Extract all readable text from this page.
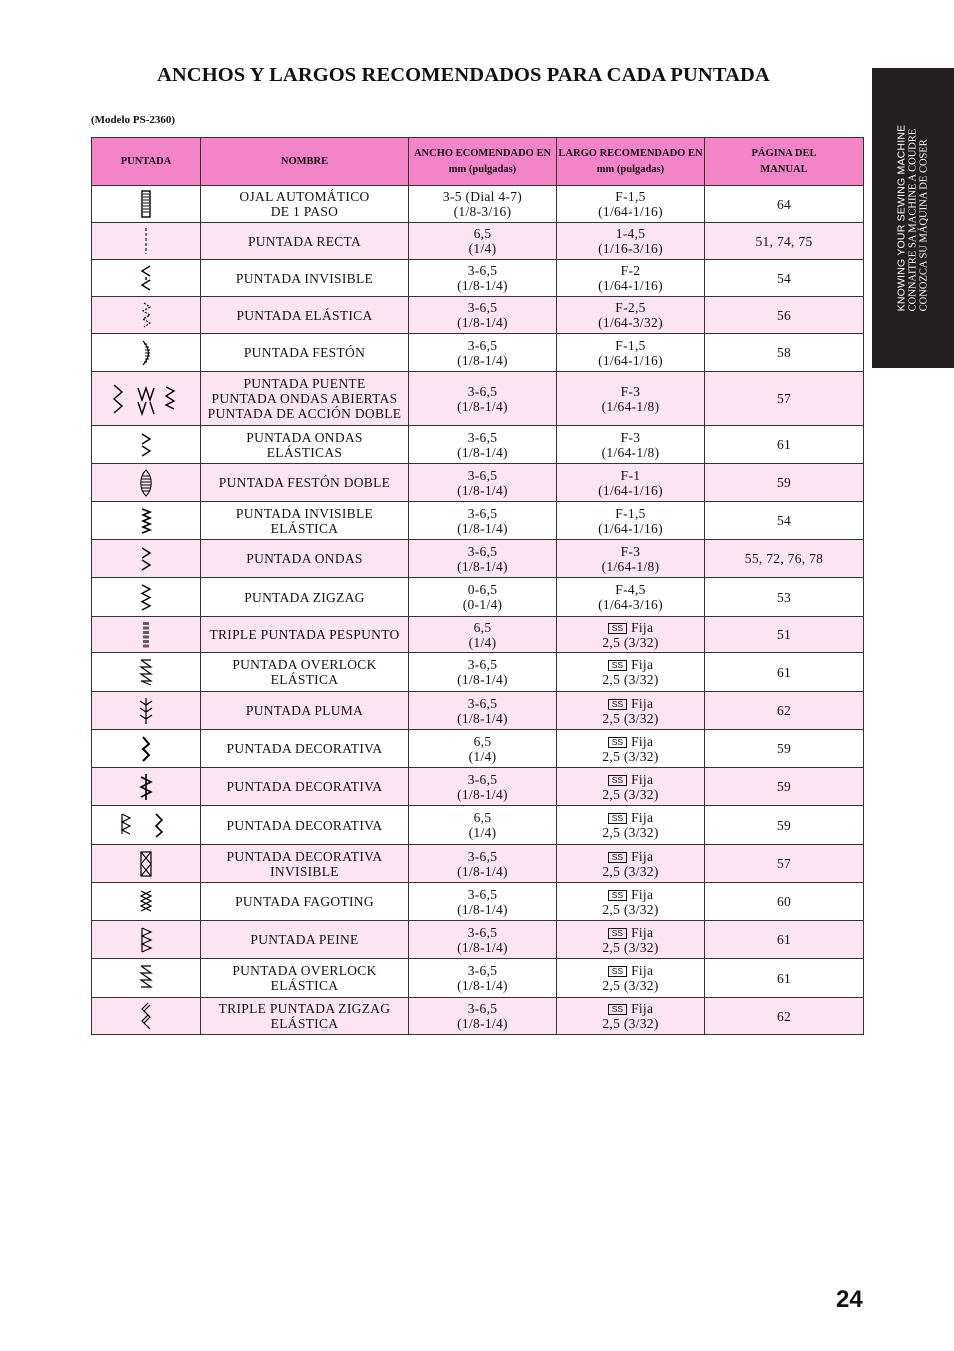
ANCHOS Y LARGOS RECOMENDADOS PARA CADA PUNTADA
(Modelo PS-2360)
KNOWING YOUR SEWING MACHINE CONNAITRE SA MACHINE A COUDRE CONOZCA SU MÁQUINA DE COSER
PUNTADA	NOMBRE	ANCHO ECOMENDADO EN
mm (pulgadas)	LARGO RECOMENDADO EN
mm (pulgadas)	PÁGINA DEL
MANUAL

	OJAL AUTOMÁTICO
DE 1 PASO	3-5 (Dial 4-7)
(1/8-3/16)	F-1,5
(1/64-1/16)	64

	PUNTADA RECTA	6,5
(1/4)	1-4,5
(1/16-3/16)	51, 74, 75

	PUNTADA INVISIBLE	3-6,5
(1/8-1/4)	F-2
(1/64-1/16)	54

	PUNTADA ELÁSTICA	3-6,5
(1/8-1/4)	F-2,5
(1/64-3/32)	56

	PUNTADA FESTÓN	3-6,5
(1/8-1/4)	F-1,5
(1/64-1/16)	58

	PUNTADA PUENTE
PUNTADA ONDAS ABIERTAS
PUNTADA DE ACCIÓN DOBLE	3-6,5
(1/8-1/4)	F-3
(1/64-1/8)	57

	PUNTADA ONDAS
ELÁSTICAS	3-6,5
(1/8-1/4)	F-3
(1/64-1/8)	61

	PUNTADA FESTÓN DOBLE	3-6,5
(1/8-1/4)	F-1
(1/64-1/16)	59

	PUNTADA INVISIBLE
ELÁSTICA	3-6,5
(1/8-1/4)	F-1,5
(1/64-1/16)	54

	PUNTADA ONDAS	3-6,5
(1/8-1/4)	F-3
(1/64-1/8)	55, 72, 76, 78

	PUNTADA ZIGZAG	0-6,5
(0-1/4)	F-4,5
(1/64-3/16)	53

	TRIPLE PUNTADA PESPUNTO	6,5
(1/4)	SS Fija
2,5 (3/32)	51

	PUNTADA OVERLOCK
ELÁSTICA	3-6,5
(1/8-1/4)	SS Fija
2,5 (3/32)	61

	PUNTADA PLUMA	3-6,5
(1/8-1/4)	SS Fija
2,5 (3/32)	62

	PUNTADA DECORATIVA	6,5
(1/4)	SS Fija
2,5 (3/32)	59

	PUNTADA DECORATIVA	3-6,5
(1/8-1/4)	SS Fija
2,5 (3/32)	59

	PUNTADA DECORATIVA	6,5
(1/4)	SS Fija
2,5 (3/32)	59

	PUNTADA DECORATIVA
INVISIBLE	3-6,5
(1/8-1/4)	SS Fija
2,5 (3/32)	57

	PUNTADA FAGOTING	3-6,5
(1/8-1/4)	SS Fija
2,5 (3/32)	60

	PUNTADA PEINE	3-6,5
(1/8-1/4)	SS Fija
2,5 (3/32)	61

	PUNTADA OVERLOCK
ELÁSTICA	3-6,5
(1/8-1/4)	SS Fija
2,5 (3/32)	61

	TRIPLE PUNTADA ZIGZAG
ELÁSTICA	3-6,5
(1/8-1/4)	SS Fija
2,5 (3/32)	62
24
